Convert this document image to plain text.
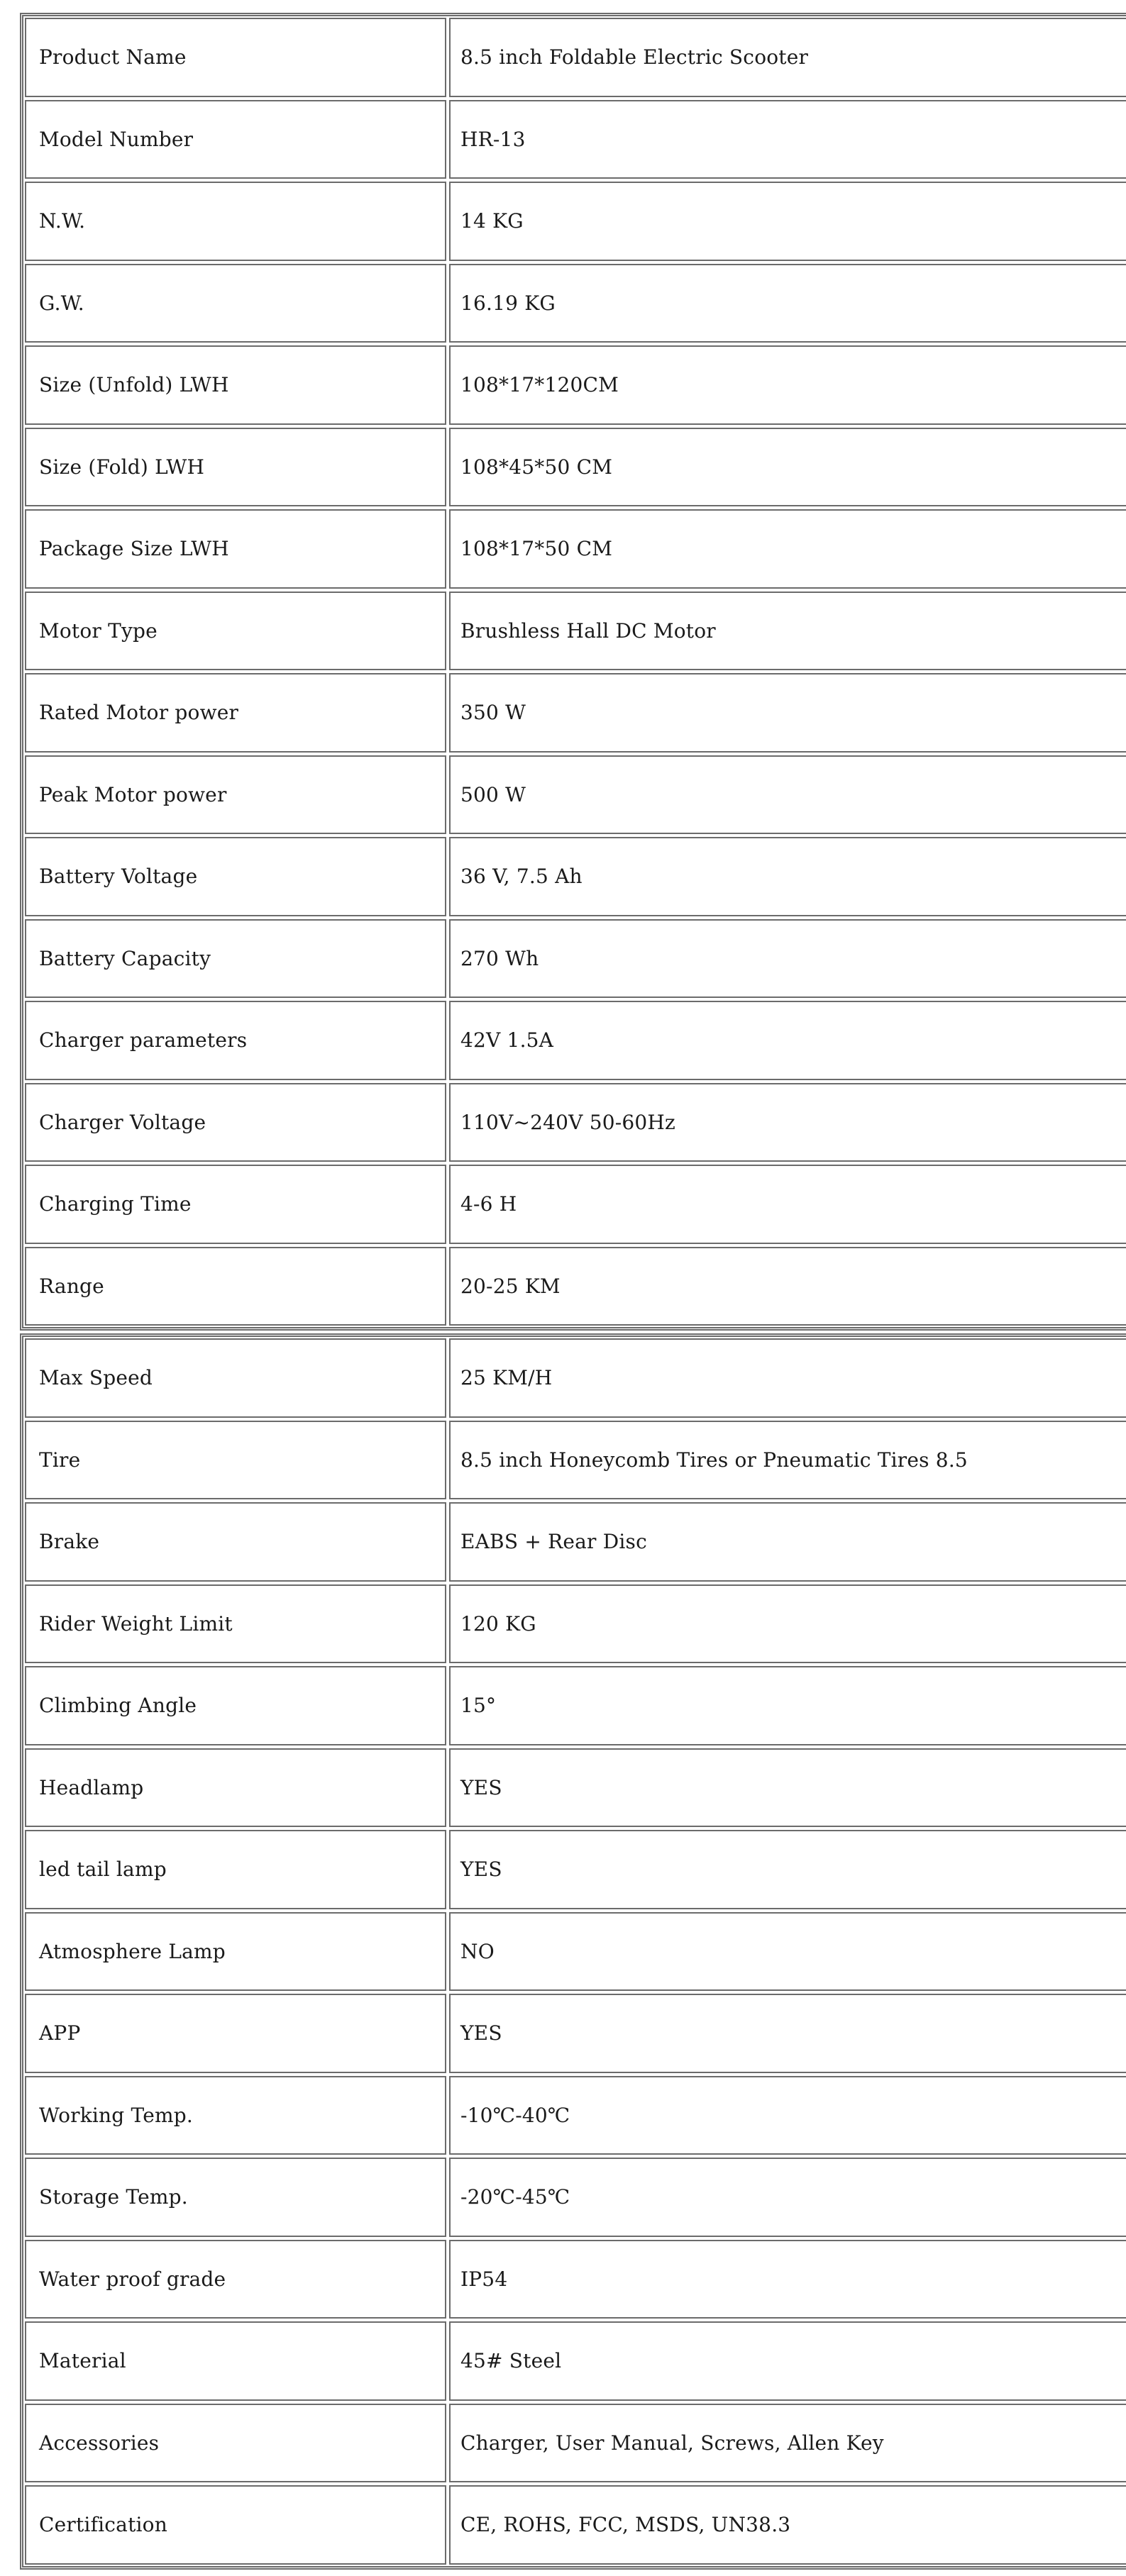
Product Name	8.5 inch Foldable Electric Scooter
Model Number	HR-13
N.W.	14 KG
G.W.	16.19 KG
Size (Unfold) LWH	108*17*120CM
Size (Fold) LWH	108*45*50 CM
Package Size LWH	108*17*50 CM
Motor Type	Brushless Hall DC Motor
Rated Motor power	350 W
Peak Motor power	500 W
Battery Voltage	36 V, 7.5 Ah
Battery Capacity	270 Wh
Charger parameters	42V 1.5A
Charger Voltage	110V~240V 50-60Hz
Charging Time	4-6 H
Range	20-25 KM
Max Speed	25 KM/H
Tire	8.5 inch Honeycomb Tires or Pneumatic Tires 8.5
Brake	EABS + Rear Disc
Rider Weight Limit	120 KG
Climbing Angle	15°
Headlamp	YES
led tail lamp	YES
Atmosphere Lamp	NO
APP	YES
Working Temp.	-10℃-40℃
Storage Temp.	-20℃-45℃
Water proof grade	IP54
Material	45# Steel
Accessories	Charger, User Manual, Screws, Allen Key
Certification	CE, ROHS, FCC, MSDS, UN38.3
